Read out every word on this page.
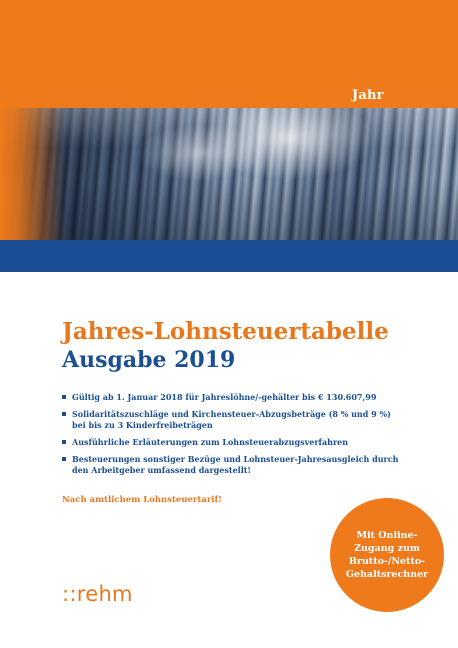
Jahr
Jahres-Lohnsteuertabelle
Ausgabe 2019
Gültig ab 1. Januar 2018 für Jahreslöhne/-gehälter bis € 130.607,99
Solidaritätszuschläge und Kirchensteuer-Abzugsbeträge (8 % und 9 %) bei bis zu 3 Kinderfreibeträgen
Ausführliche Erläuterungen zum Lohnsteuerabzugsverfahren
Besteuerungen sonstiger Bezüge und Lohnsteuer-Jahresausgleich durch den Arbeitgeber umfassend dargestellt!
Nach amtlichem Lohnsteuertarif!
Mit Online-Zugang zum Brutto-/Netto-Gehaltsrechner
::rehm
